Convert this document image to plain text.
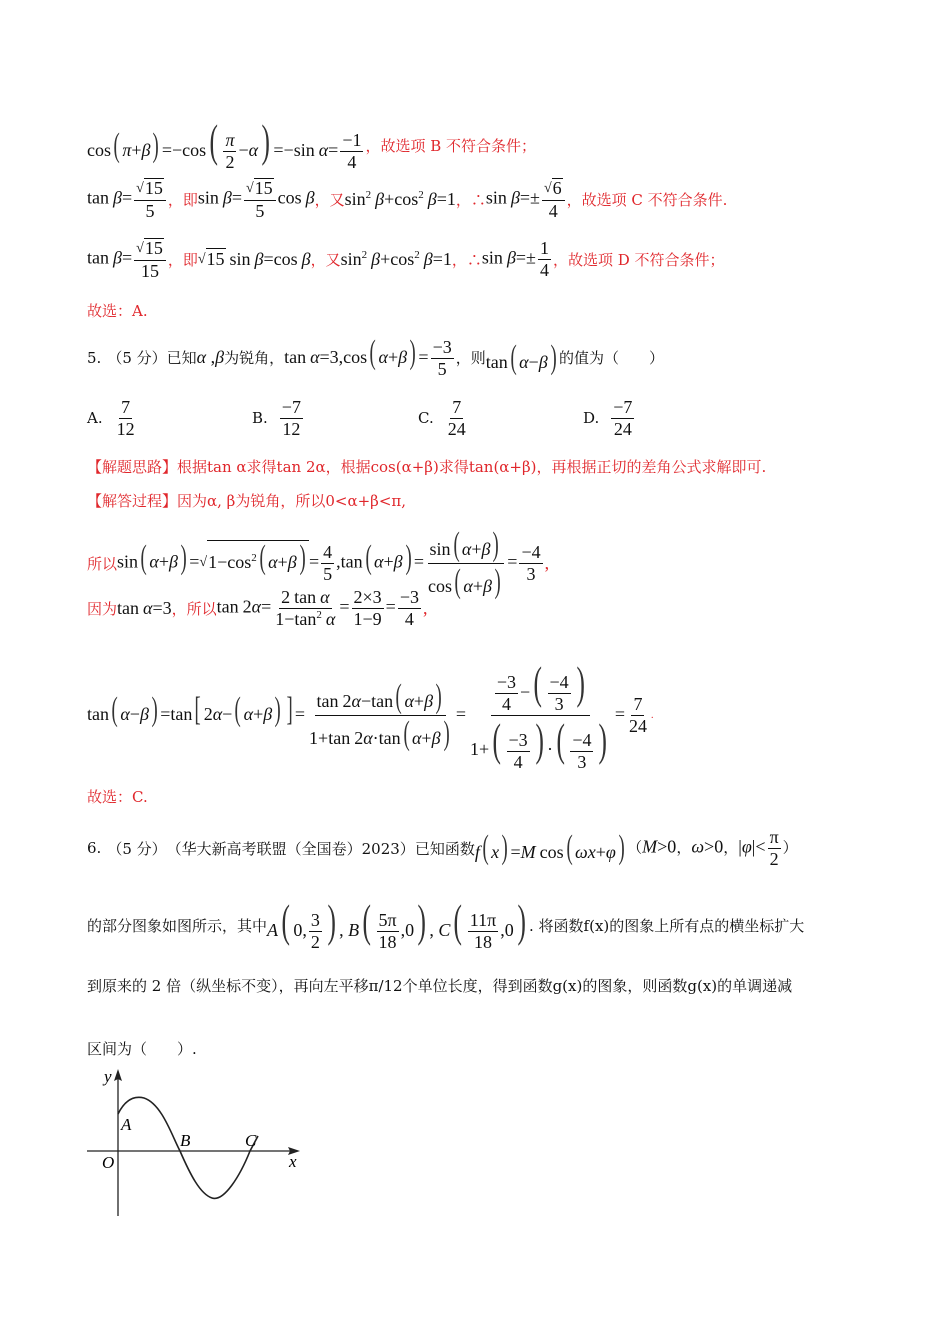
cos( $\pi+\beta) =-\cos( \frac{\pi}{2} -\alpha) =-\sin$ $\alpha= \frac{-1}{4}$ ，故选项 B 不符合条件；
$\tan \beta= \frac{√15}{5}$ ，即 $\sin \beta= \frac{√15}{5}$ cos β ，又 $\sin^2 \beta+\cos^2$ β=1 ，∴ $\sin \beta=\pm \frac{√6}{4}$ ，故选项 C 不符合条件.
$\tan \beta= \frac{√15}{15}$ ，即 √15 sin β=cos β ，又 $\sin^2 \beta+\cos^2$ β=1 ，∴ $\sin \beta=\pm \frac{1}{4}$ ，故选项 D 不符合条件；
故选：A.
5. （5 分） 已知 α ,β 为锐角， tan α=3,cos( $\alpha+\beta) = \frac{-3}{5}$ ，则 tan( α−β) 的值为（　　）
A. $\frac{7}{12}$	B. $\frac{-7}{12}$	C. $\frac{7}{24}$	D. $\frac{-7}{24}$
【解题思路】 根据tan α求得tan 2α，根据cos(α+β)求得tan(α+β)，再根据正切的差角公式求解即可.
【解答过程】 因为α, β为锐角，所以0<α+β<π,
所以 sin( $\alpha+\beta) =√1-\cos^2$( $\alpha+\beta) = \frac{4}{5} ,\tan$( $\alpha+\beta) = \frac{\sin( \alpha+\beta)}{\cos( \alpha+\beta)} = \frac{-4}{3}$ ,
因为 tan α=3 ，所以 $\tan 2\alpha= \frac{\text{2 tan α}}{1-\tan^2 \alpha} = \frac{2\times 3}{1-9} = \frac{-3}{4}$ ,
tan( α−β) =tan[ 2α−( α+β) ] = $\frac{\tan 2\alpha-\tan( \alpha+\beta)}{1+\tan 2\alpha\cdot\tan( \alpha+\beta)} = \frac{\frac{-3}{4} -( \frac{-4}{3} )}{1+( \frac{-3}{4} ) \cdot( \frac{-4}{3} )} = \frac{7}{24}$ .
故选：C.
6. （5 分） （华大新高考联盟（全国卷）2023） 已知函数 f( x) =M cos( ωx+φ) （M>0，ω>0，$|\varphi|< \frac{\pi}{2}$ ）
的部分图象如图所示，其中 A( 0, $\frac{3}{2}$ ) , $B( \frac{5\pi}{18} ,0)$ , $C( \frac{11\pi}{18} ,0)$ . 将函数f(x)的图象上所有点的横坐标扩大
到原来的 2 倍（纵坐标不变），再向左平移π/12个单位长度，得到函数g(x)的图象，则函数g(x)的单调递减
区间为（　　）.
y
x
O
A
B	C
